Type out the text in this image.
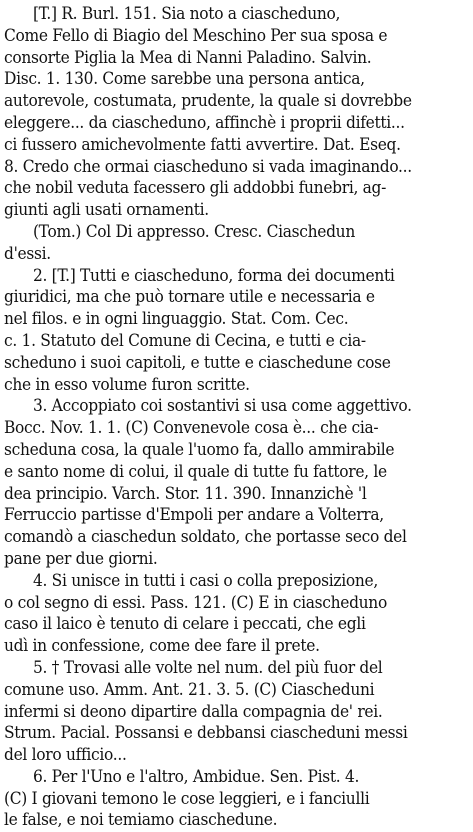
[T.] R. Burl. 151. Sia noto a ciascheduno,
Come Fello di Biagio del Meschino Per sua sposa e
consorte Piglia la Mea di Nanni Paladino. Salvin.
Disc. 1. 130. Come sarebbe una persona antica,
autorevole, costumata, prudente, la quale si dovrebbe
eleggere... da ciascheduno, affinchè i proprii difetti...
ci fussero amichevolmente fatti avvertire. Dat. Eseq.
8. Credo che ormai ciascheduno si vada imaginando...
che nobil veduta facessero gli addobbi funebri, ag-
giunti agli usati ornamenti.
(Tom.) Col Di appresso. Cresc. Ciaschedun
d'essi.
2. [T.] Tutti e ciascheduno, forma dei documenti
giuridici, ma che può tornare utile e necessaria e
nel filos. e in ogni linguaggio. Stat. Com. Cec.
c. 1. Statuto del Comune di Cecina, e tutti e cia-
scheduno i suoi capitoli, e tutte e ciaschedune cose
che in esso volume furon scritte.
3. Accoppiato coi sostantivi si usa come aggettivo.
Bocc. Nov. 1. 1. (C) Convenevole cosa è... che cia-
scheduna cosa, la quale l'uomo fa, dallo ammirabile
e santo nome di colui, il quale di tutte fu fattore, le
dea principio. Varch. Stor. 11. 390. Innanzichè 'l
Ferruccio partisse d'Empoli per andare a Volterra,
comandò a ciaschedun soldato, che portasse seco del
pane per due giorni.
4. Si unisce in tutti i casi o colla preposizione,
o col segno di essi. Pass. 121. (C) E in ciascheduno
caso il laico è tenuto di celare i peccati, che egli
udì in confessione, come dee fare il prete.
5. † Trovasi alle volte nel num. del più fuor del
comune uso. Amm. Ant. 21. 3. 5. (C) Ciascheduni
infermi si deono dipartire dalla compagnia de' rei.
Strum. Pacial. Possansi e debbansi ciascheduni messi
del loro ufficio...
6. Per l'Uno e l'altro, Ambidue. Sen. Pist. 4.
(C) I giovani temono le cose leggieri, e i fanciulli
le false, e noi temiamo ciaschedune.
